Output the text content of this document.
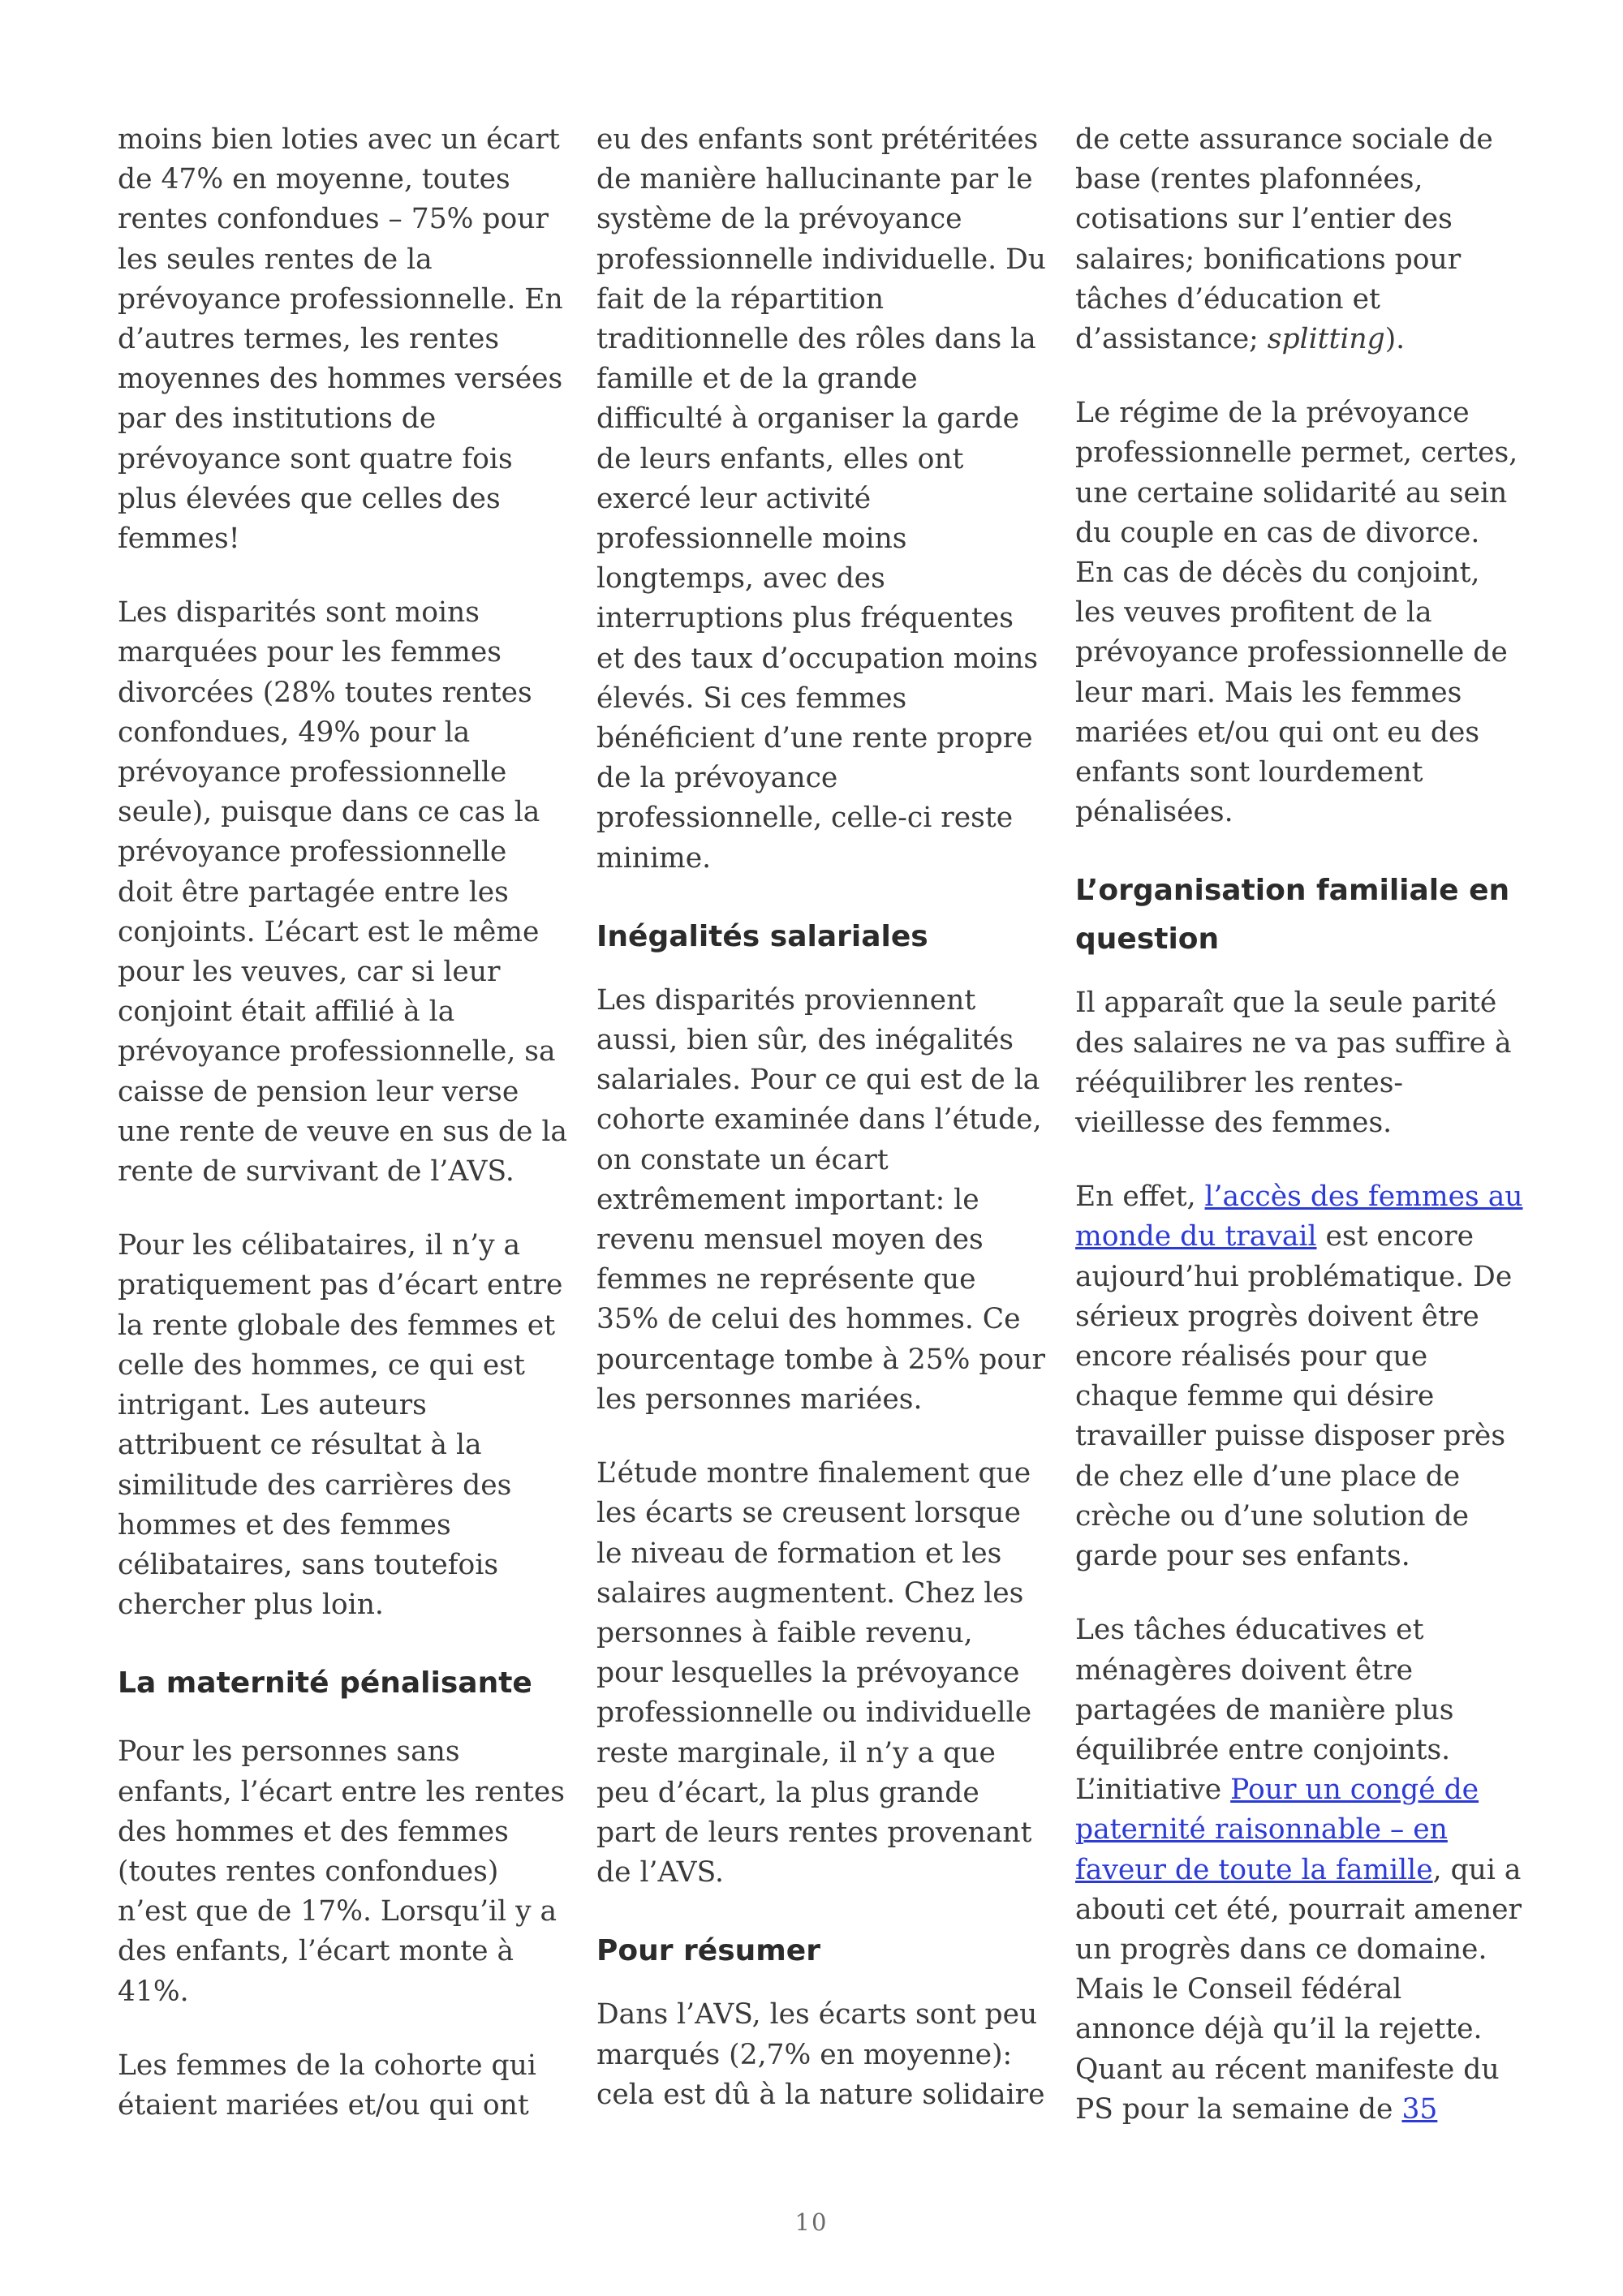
moins bien loties avec un écart de 47% en moyenne, toutes rentes confondues – 75% pour les seules rentes de la prévoyance professionnelle. En d’autres termes, les rentes moyennes des hommes versées par des institutions de prévoyance sont quatre fois plus élevées que celles des femmes!

Les disparités sont moins marquées pour les femmes divorcées (28% toutes rentes confondues, 49% pour la prévoyance professionnelle seule), puisque dans ce cas la prévoyance professionnelle doit être partagée entre les conjoints. L’écart est le même pour les veuves, car si leur conjoint était affilié à la prévoyance professionnelle, sa caisse de pension leur verse une rente de veuve en sus de la rente de survivant de l’AVS.

Pour les célibataires, il n’y a pratiquement pas d’écart entre la rente globale des femmes et celle des hommes, ce qui est intrigant. Les auteurs attribuent ce résultat à la similitude des carrières des hommes et des femmes célibataires, sans toutefois chercher plus loin.

La maternité pénalisante

Pour les personnes sans enfants, l’écart entre les rentes des hommes et des femmes (toutes rentes confondues) n’est que de 17%. Lorsqu’il y a des enfants, l’écart monte à 41%.

Les femmes de la cohorte qui étaient mariées et/ou qui ont

eu des enfants sont prétéritées de manière hallucinante par le système de la prévoyance professionnelle individuelle. Du fait de la répartition traditionnelle des rôles dans la famille et de la grande difficulté à organiser la garde de leurs enfants, elles ont exercé leur activité professionnelle moins longtemps, avec des interruptions plus fréquentes et des taux d’occupation moins élevés. Si ces femmes bénéficient d’une rente propre de la prévoyance professionnelle, celle-ci reste minime.

Inégalités salariales

Les disparités proviennent aussi, bien sûr, des inégalités salariales. Pour ce qui est de la cohorte examinée dans l’étude, on constate un écart extrêmement important: le revenu mensuel moyen des femmes ne représente que 35% de celui des hommes. Ce pourcentage tombe à 25% pour les personnes mariées.

L’étude montre finalement que les écarts se creusent lorsque le niveau de formation et les salaires augmentent. Chez les personnes à faible revenu, pour lesquelles la prévoyance professionnelle ou individuelle reste marginale, il n’y a que peu d’écart, la plus grande part de leurs rentes provenant de l’AVS.

Pour résumer

Dans l’AVS, les écarts sont peu marqués (2,7% en moyenne): cela est dû à la nature solidaire

de cette assurance sociale de base (rentes plafonnées, cotisations sur l’entier des salaires; bonifications pour tâches d’éducation et d’assistance; splitting).

Le régime de la prévoyance professionnelle permet, certes, une certaine solidarité au sein du couple en cas de divorce. En cas de décès du conjoint, les veuves profitent de la prévoyance professionnelle de leur mari. Mais les femmes mariées et/ou qui ont eu des enfants sont lourdement pénalisées.

L’organisation familiale en question

Il apparaît que la seule parité des salaires ne va pas suffire à rééquilibrer les rentes-vieillesse des femmes.

En effet, l’accès des femmes au monde du travail est encore aujourd’hui problématique. De sérieux progrès doivent être encore réalisés pour que chaque femme qui désire travailler puisse disposer près de chez elle d’une place de crèche ou d’une solution de garde pour ses enfants.

Les tâches éducatives et ménagères doivent être partagées de manière plus équilibrée entre conjoints. L’initiative Pour un congé de paternité raisonnable – en faveur de toute la famille, qui a abouti cet été, pourrait amener un progrès dans ce domaine. Mais le Conseil fédéral annonce déjà qu’il la rejette. Quant au récent manifeste du PS pour la semaine de 35

10
